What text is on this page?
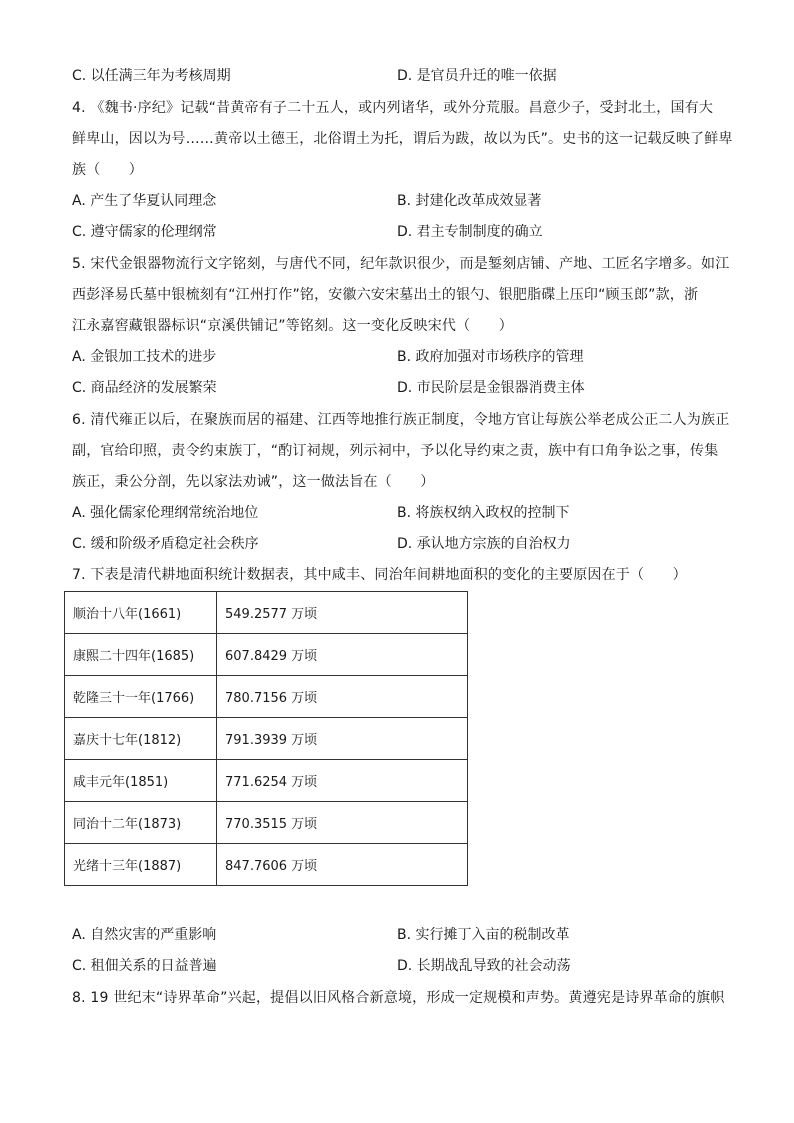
C. 以任满三年为考核周期	D. 是官员升迁的唯一依据
4. 《魏书·序纪》记载“昔黄帝有子二十五人，或内列诸华，或外分荒服。昌意少子，受封北土，国有大
鲜卑山，因以为号……黄帝以土德王，北俗谓土为托，谓后为跋，故以为氏”。史书的这一记载反映了鲜卑
族（　　）
A. 产生了华夏认同理念	B. 封建化改革成效显著
C. 遵守儒家的伦理纲常	D. 君主专制制度的确立
5. 宋代金银器物流行文字铭刻，与唐代不同，纪年款识很少，而是錾刻店铺、产地、工匠名字增多。如江
西彭泽易氏墓中银梳刻有“江州打作”铭，安徽六安宋墓出土的银勺、银肥脂碟上压印“顾玉郎”款，浙
江永嘉窖藏银器标识“京溪供铺记”等铭刻。这一变化反映宋代（　　）
A. 金银加工技术的进步	B. 政府加强对市场秩序的管理
C. 商品经济的发展繁荣	D. 市民阶层是金银器消费主体
6. 清代雍正以后，在聚族而居的福建、江西等地推行族正制度，令地方官让每族公举老成公正二人为族正
副，官给印照，责令约束族丁，“酌订祠规，列示祠中，予以化导约束之责，族中有口角争讼之事，传集
族正，秉公分剖，先以家法劝诫”，这一做法旨在（　　）
A. 强化儒家伦理纲常统治地位	B. 将族权纳入政权的控制下
C. 缓和阶级矛盾稳定社会秩序	D. 承认地方宗族的自治权力
7. 下表是清代耕地面积统计数据表，其中咸丰、同治年间耕地面积的变化的主要原因在于（　　）
顺治十八年(1661)	549.2577 万顷
康熙二十四年(1685)	607.8429 万顷
乾隆三十一年(1766)	780.7156 万顷
嘉庆十七年(1812)	791.3939 万顷
咸丰元年(1851)	771.6254 万顷
同治十二年(1873)	770.3515 万顷
光绪十三年(1887)	847.7606 万顷
A. 自然灾害的严重影响	B. 实行摊丁入亩的税制改革
C. 租佃关系的日益普遍	D. 长期战乱导致的社会动荡
8. 19 世纪末“诗界革命”兴起，提倡以旧风格合新意境，形成一定规模和声势。黄遵宪是诗界革命的旗帜
